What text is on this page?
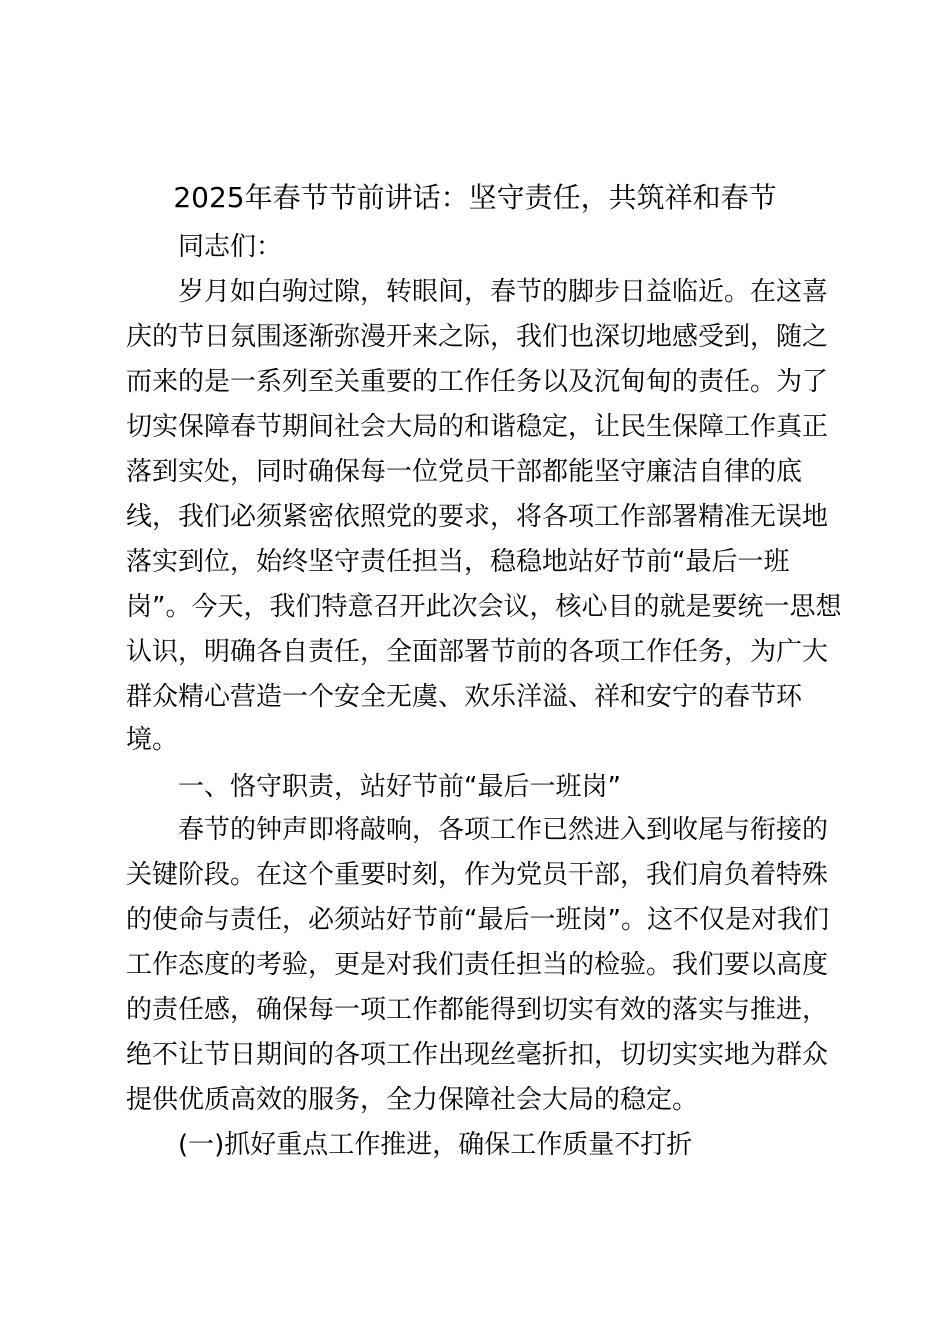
2025年春节节前讲话：坚守责任，共筑祥和春节
同志们：
岁月如白驹过隙，转眼间，春节的脚步日益临近。在这喜
庆的节日氛围逐渐弥漫开来之际，我们也深切地感受到，随之
而来的是一系列至关重要的工作任务以及沉甸甸的责任。为了
切实保障春节期间社会大局的和谐稳定，让民生保障工作真正
落到实处，同时确保每一位党员干部都能坚守廉洁自律的底
线，我们必须紧密依照党的要求，将各项工作部署精准无误地
落实到位，始终坚守责任担当，稳稳地站好节前“最后一班
岗”。今天，我们特意召开此次会议，核心目的就是要统一思想
认识，明确各自责任，全面部署节前的各项工作任务，为广大
群众精心营造一个安全无虞、欢乐洋溢、祥和安宁的春节环
境。
一、恪守职责，站好节前“最后一班岗”
春节的钟声即将敲响，各项工作已然进入到收尾与衔接的
关键阶段。在这个重要时刻，作为党员干部，我们肩负着特殊
的使命与责任，必须站好节前“最后一班岗”。这不仅是对我们
工作态度的考验，更是对我们责任担当的检验。我们要以高度
的责任感，确保每一项工作都能得到切实有效的落实与推进，
绝不让节日期间的各项工作出现丝毫折扣，切切实实地为群众
提供优质高效的服务，全力保障社会大局的稳定。
(一)抓好重点工作推进，确保工作质量不打折
